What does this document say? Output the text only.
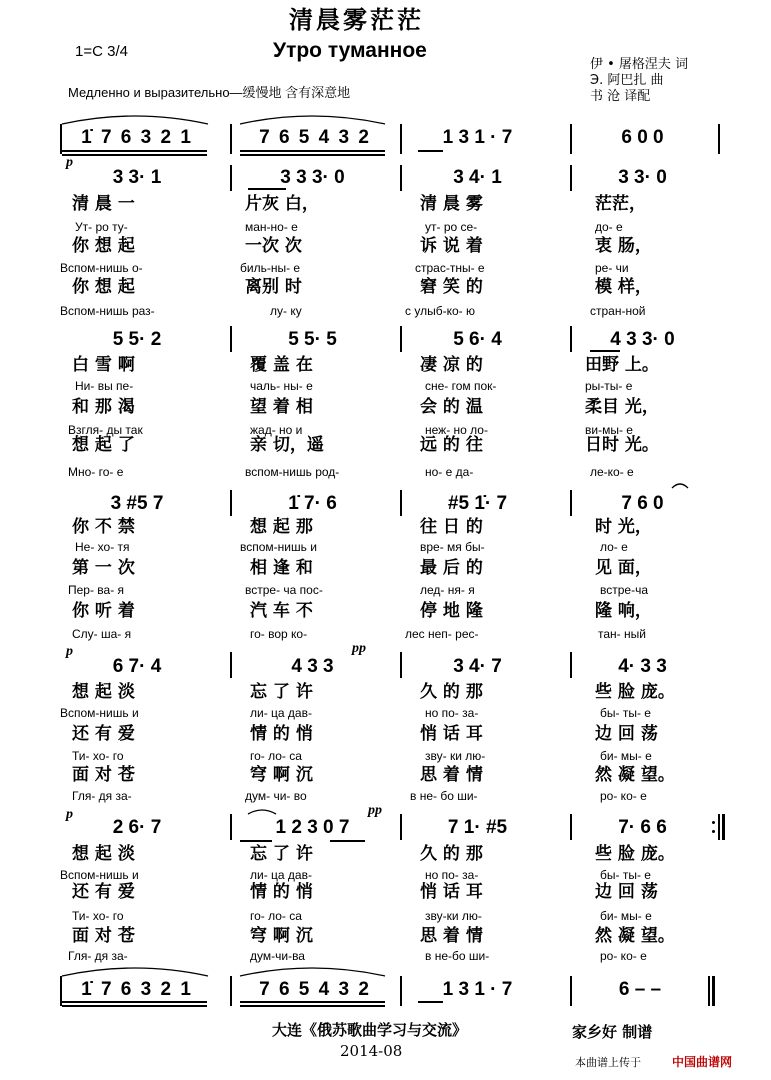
清晨雾茫茫
1=C 3/4	Утро туманное
伊 • 屠格涅夫 词
Э. 阿巴扎 曲
书 沧 译配
Медленно и выразительно—缓慢地 含有深意地
1̇ 7 6 3 2 1	7 6 5 4 3 2	1 3 1 · 7	6 0 0
3 3· 1	3 3 3· 0	3 4· 1	3 3· 0
清 晨 一	片灰 白，	清 晨 雾	茫茫，
Ут- ро ту-	ман-но- е	ут- ро се-	до- е
你 想 起	一次 次	诉 说 着	衷 肠，
Вспом-нишь о-	биль-ны- е	страс-тны- е	ре- чи
你 想 起	离别 时	窘 笑 的	模 样，
Вспом-нишь раз-	лу- ку	с улыб-ко- ю	стран-ной
5 5· 2	5 5· 5	5 6· 4	4 3 3· 0
白 雪 啊	覆 盖 在	凄 凉 的	田野 上。
Ни- вы пе-	чаль- ны- е	сне- гом пок-	ры-ты- е
和 那 渴	望 着 相	会 的 温	柔目 光，
Взгля- ды так	жад- но и	неж- но ло-	ви-мы- е
想 起 了	亲 切，遥	远 的 往	日时 光。
Мно- го- е	вспом-нишь род-	но- е да-	ле-ко- е
3 #5 7	1̇ 7· 6	#5 1̇· 7	7 6 0
你 不 禁	想 起 那	往 日 的	时 光，
Не- хо- тя	вспом-нишь и	вре- мя бы-	ло- е
第 一 次	相 逢 和	最 后 的	见 面，
Пер- ва- я	встре- ча пос-	лед- ня- я	встре-ча
你 听 着	汽 车 不	停 地 隆	隆 响，
Слу- ша- я	го- вор ко-	лес неп- рес-	тан- ный
6 7· 4	4 3 3	3 4· 7	4· 3 3
想 起 淡	忘 了 许	久 的 那	些 脸 庞。
Вспом-нишь и	ли- ца дав-	но по- за-	бы- ты- е
还 有 爱	情 的 悄	悄 话 耳	边 回 荡
Ти- хо- го	го- ло- са	зву- ки лю-	би- мы- е
面 对 苍	穹 啊 沉	思 着 情	然 凝 望。
Гля- дя за-	дум- чи- во	в не- бо ши-	ро- ко- е
2 6· 7	1 2 3 0 7	7 1· #5	7· 6 6
想 起 淡	忘 了 许	久 的 那	些 脸 庞。
Вспом-нишь и	ли- ца дав-	но по- за-	бы- ты- е
还 有 爱	情 的 悄	悄 话 耳	边 回 荡
Ти- хо- го	го- ло- са	зву-ки лю-	би- мы- е
面 对 苍	穹 啊 沉	思 着 情	然 凝 望。
Гля- дя за-	дум-чи-ва	в не-бо ши-	ро- ко- е
1̇ 7 6 3 2 1	7 6 5 4 3 2	1 3 1 · 7	6 – –
p
p	pp
p	pp
大连《俄苏歌曲学习与交流》	家乡好 制谱
2014-08
本曲谱上传于	中国曲谱网
